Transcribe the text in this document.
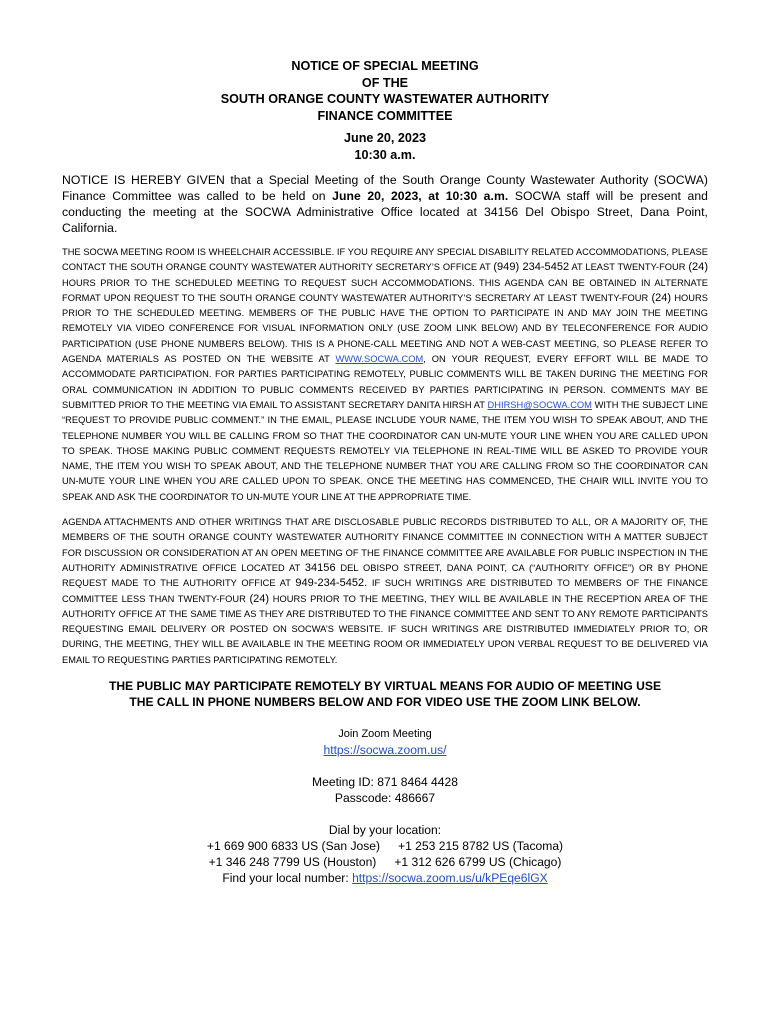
NOTICE OF SPECIAL MEETING
OF THE
SOUTH ORANGE COUNTY WASTEWATER AUTHORITY
FINANCE COMMITTEE
June 20, 2023
10:30 a.m.
NOTICE IS HEREBY GIVEN that a Special Meeting of the South Orange County Wastewater Authority (SOCWA) Finance Committee was called to be held on June 20, 2023, at 10:30 a.m. SOCWA staff will be present and conducting the meeting at the SOCWA Administrative Office located at 34156 Del Obispo Street, Dana Point, California.
THE SOCWA MEETING ROOM IS WHEELCHAIR ACCESSIBLE. IF YOU REQUIRE ANY SPECIAL DISABILITY RELATED ACCOMMODATIONS, PLEASE CONTACT THE SOUTH ORANGE COUNTY WASTEWATER AUTHORITY SECRETARY’S OFFICE AT (949) 234-5452 AT LEAST TWENTY-FOUR (24) HOURS PRIOR TO THE SCHEDULED MEETING TO REQUEST SUCH ACCOMMODATIONS. THIS AGENDA CAN BE OBTAINED IN ALTERNATE FORMAT UPON REQUEST TO THE SOUTH ORANGE COUNTY WASTEWATER AUTHORITY’S SECRETARY AT LEAST TWENTY-FOUR (24) HOURS PRIOR TO THE SCHEDULED MEETING. MEMBERS OF THE PUBLIC HAVE THE OPTION TO PARTICIPATE IN AND MAY JOIN THE MEETING REMOTELY VIA VIDEO CONFERENCE FOR VISUAL INFORMATION ONLY (USE ZOOM LINK BELOW) AND BY TELECONFERENCE FOR AUDIO PARTICIPATION (USE PHONE NUMBERS BELOW). THIS IS A PHONE-CALL MEETING AND NOT A WEB-CAST MEETING, SO PLEASE REFER TO AGENDA MATERIALS AS POSTED ON THE WEBSITE AT WWW.SOCWA.COM, ON YOUR REQUEST, EVERY EFFORT WILL BE MADE TO ACCOMMODATE PARTICIPATION. FOR PARTIES PARTICIPATING REMOTELY, PUBLIC COMMENTS WILL BE TAKEN DURING THE MEETING FOR ORAL COMMUNICATION IN ADDITION TO PUBLIC COMMENTS RECEIVED BY PARTIES PARTICIPATING IN PERSON. COMMENTS MAY BE SUBMITTED PRIOR TO THE MEETING VIA EMAIL TO ASSISTANT SECRETARY DANITA HIRSH AT DHIRSH@SOCWA.COM WITH THE SUBJECT LINE “REQUEST TO PROVIDE PUBLIC COMMENT.” IN THE EMAIL, PLEASE INCLUDE YOUR NAME, THE ITEM YOU WISH TO SPEAK ABOUT, AND THE TELEPHONE NUMBER YOU WILL BE CALLING FROM SO THAT THE COORDINATOR CAN UN-MUTE YOUR LINE WHEN YOU ARE CALLED UPON TO SPEAK. THOSE MAKING PUBLIC COMMENT REQUESTS REMOTELY VIA TELEPHONE IN REAL-TIME WILL BE ASKED TO PROVIDE YOUR NAME, THE ITEM YOU WISH TO SPEAK ABOUT, AND THE TELEPHONE NUMBER THAT YOU ARE CALLING FROM SO THE COORDINATOR CAN UN-MUTE YOUR LINE WHEN YOU ARE CALLED UPON TO SPEAK. ONCE THE MEETING HAS COMMENCED, THE CHAIR WILL INVITE YOU TO SPEAK AND ASK THE COORDINATOR TO UN-MUTE YOUR LINE AT THE APPROPRIATE TIME.
AGENDA ATTACHMENTS AND OTHER WRITINGS THAT ARE DISCLOSABLE PUBLIC RECORDS DISTRIBUTED TO ALL, OR A MAJORITY OF, THE MEMBERS OF THE SOUTH ORANGE COUNTY WASTEWATER AUTHORITY FINANCE COMMITTEE IN CONNECTION WITH A MATTER SUBJECT FOR DISCUSSION OR CONSIDERATION AT AN OPEN MEETING OF THE FINANCE COMMITTEE ARE AVAILABLE FOR PUBLIC INSPECTION IN THE AUTHORITY ADMINISTRATIVE OFFICE LOCATED AT 34156 DEL OBISPO STREET, DANA POINT, CA (“AUTHORITY OFFICE”) OR BY PHONE REQUEST MADE TO THE AUTHORITY OFFICE AT 949-234-5452. IF SUCH WRITINGS ARE DISTRIBUTED TO MEMBERS OF THE FINANCE COMMITTEE LESS THAN TWENTY-FOUR (24) HOURS PRIOR TO THE MEETING, THEY WILL BE AVAILABLE IN THE RECEPTION AREA OF THE AUTHORITY OFFICE AT THE SAME TIME AS THEY ARE DISTRIBUTED TO THE FINANCE COMMITTEE AND SENT TO ANY REMOTE PARTICIPANTS REQUESTING EMAIL DELIVERY OR POSTED ON SOCWA’S WEBSITE. IF SUCH WRITINGS ARE DISTRIBUTED IMMEDIATELY PRIOR TO, OR DURING, THE MEETING, THEY WILL BE AVAILABLE IN THE MEETING ROOM OR IMMEDIATELY UPON VERBAL REQUEST TO BE DELIVERED VIA EMAIL TO REQUESTING PARTIES PARTICIPATING REMOTELY.
THE PUBLIC MAY PARTICIPATE REMOTELY BY VIRTUAL MEANS FOR AUDIO OF MEETING USE
THE CALL IN PHONE NUMBERS BELOW AND FOR VIDEO USE THE ZOOM LINK BELOW.
Join Zoom Meeting
https://socwa.zoom.us/
Meeting ID: 871 8464 4428
Passcode: 486667
Dial by your location:
+1 669 900 6833 US (San Jose) +1 253 215 8782 US (Tacoma)
+1 346 248 7799 US (Houston) +1 312 626 6799 US (Chicago)
Find your local number: https://socwa.zoom.us/u/kPEqe6lGX
